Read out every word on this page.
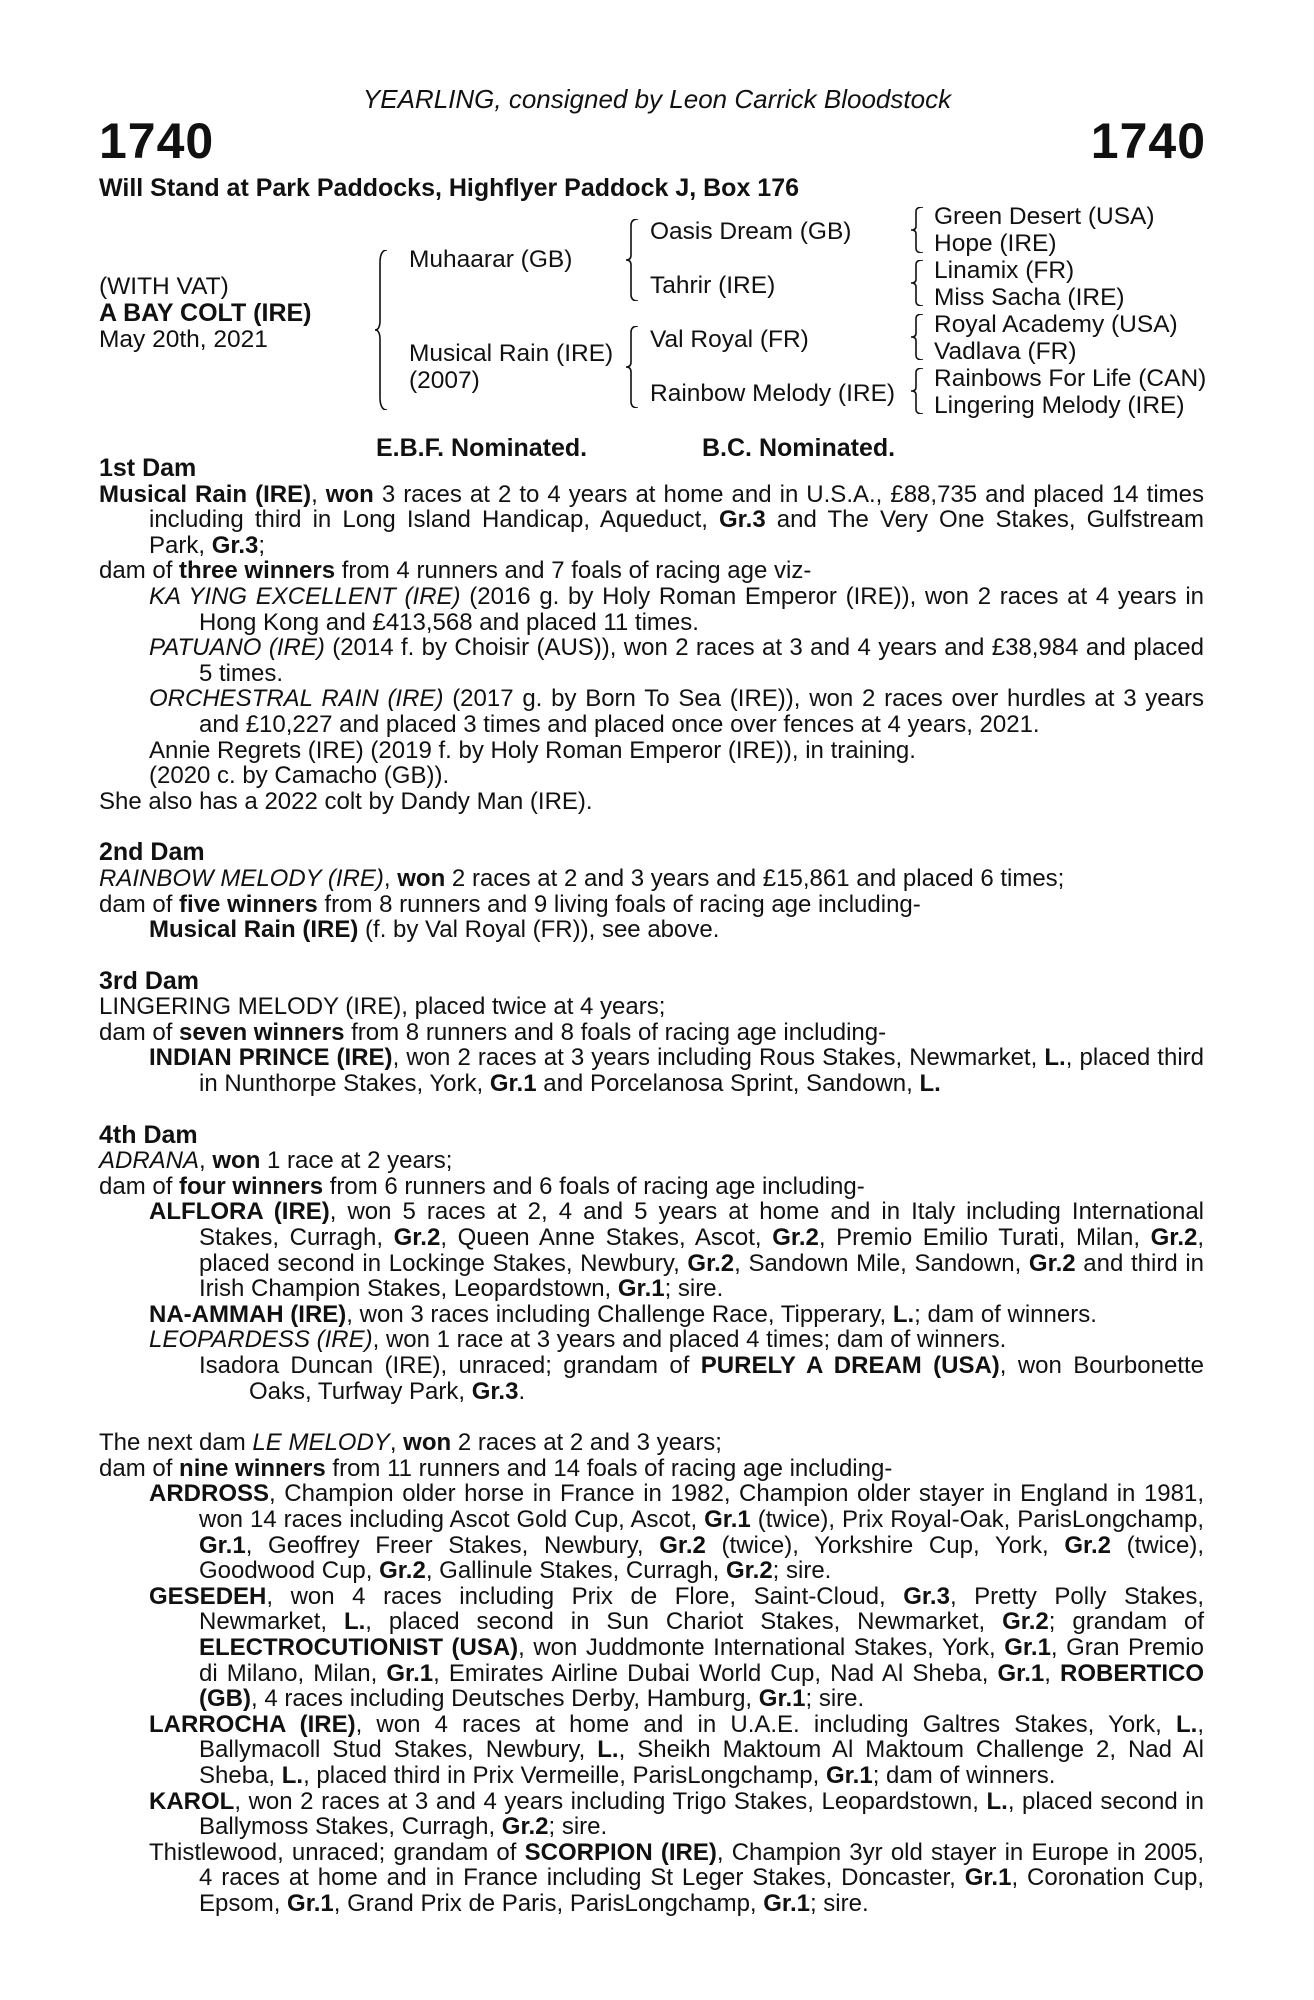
YEARLING, consigned by Leon Carrick Bloodstock
1740	1740
Will Stand at Park Paddocks, Highflyer Paddock J, Box 176
(WITH VAT)
A BAY COLT (IRE)
May 20th, 2021
Muhaarar (GB)
Musical Rain (IRE)
(2007)
Oasis Dream (GB)
Tahrir (IRE)
Val Royal (FR)
Rainbow Melody (IRE)
Green Desert (USA)
Hope (IRE)
Linamix (FR)
Miss Sacha (IRE)
Royal Academy (USA)
Vadlava (FR)
Rainbows For Life (CAN)
Lingering Melody (IRE)
E.B.F. Nominated.	B.C. Nominated.
1st Dam

Musical Rain (IRE), won 3 races at 2 to 4 years at home and in U.S.A., £88,735 and placed 14 times including third in Long Island Handicap, Aqueduct, Gr.3 and The Very One Stakes, Gulfstream Park, Gr.3;

dam of three winners from 4 runners and 7 foals of racing age viz-

KA YING EXCELLENT (IRE) (2016 g. by Holy Roman Emperor (IRE)), won 2 races at 4 years in Hong Kong and £413,568 and placed 11 times.

PATUANO (IRE) (2014 f. by Choisir (AUS)), won 2 races at 3 and 4 years and £38,984 and placed 5 times.

ORCHESTRAL RAIN (IRE) (2017 g. by Born To Sea (IRE)), won 2 races over hurdles at 3 years and £10,227 and placed 3 times and placed once over fences at 4 years, 2021.

Annie Regrets (IRE) (2019 f. by Holy Roman Emperor (IRE)), in training.

(2020 c. by Camacho (GB)).

She also has a 2022 colt by Dandy Man (IRE).

2nd Dam

RAINBOW MELODY (IRE), won 2 races at 2 and 3 years and £15,861 and placed 6 times;

dam of five winners from 8 runners and 9 living foals of racing age including-

Musical Rain (IRE) (f. by Val Royal (FR)), see above.

3rd Dam

LINGERING MELODY (IRE), placed twice at 4 years;

dam of seven winners from 8 runners and 8 foals of racing age including-

INDIAN PRINCE (IRE), won 2 races at 3 years including Rous Stakes, Newmarket, L., placed third in Nunthorpe Stakes, York, Gr.1 and Porcelanosa Sprint, Sandown, L.

4th Dam

ADRANA, won 1 race at 2 years;

dam of four winners from 6 runners and 6 foals of racing age including-

ALFLORA (IRE), won 5 races at 2, 4 and 5 years at home and in Italy including International Stakes, Curragh, Gr.2, Queen Anne Stakes, Ascot, Gr.2, Premio Emilio Turati, Milan, Gr.2, placed second in Lockinge Stakes, Newbury, Gr.2, Sandown Mile, Sandown, Gr.2 and third in Irish Champion Stakes, Leopardstown, Gr.1; sire.

NA-AMMAH (IRE), won 3 races including Challenge Race, Tipperary, L.; dam of winners.

LEOPARDESS (IRE), won 1 race at 3 years and placed 4 times; dam of winners.

Isadora Duncan (IRE), unraced; grandam of PURELY A DREAM (USA), won Bourbonette Oaks, Turfway Park, Gr.3.

The next dam LE MELODY, won 2 races at 2 and 3 years;

dam of nine winners from 11 runners and 14 foals of racing age including-

ARDROSS, Champion older horse in France in 1982, Champion older stayer in England in 1981, won 14 races including Ascot Gold Cup, Ascot, Gr.1 (twice), Prix Royal-Oak, ParisLongchamp, Gr.1, Geoffrey Freer Stakes, Newbury, Gr.2 (twice), Yorkshire Cup, York, Gr.2 (twice), Goodwood Cup, Gr.2, Gallinule Stakes, Curragh, Gr.2; sire.

GESEDEH, won 4 races including Prix de Flore, Saint-Cloud, Gr.3, Pretty Polly Stakes, Newmarket, L., placed second in Sun Chariot Stakes, Newmarket, Gr.2; grandam of ELECTROCUTIONIST (USA), won Juddmonte International Stakes, York, Gr.1, Gran Premio di Milano, Milan, Gr.1, Emirates Airline Dubai World Cup, Nad Al Sheba, Gr.1, ROBERTICO (GB), 4 races including Deutsches Derby, Hamburg, Gr.1; sire.

LARROCHA (IRE), won 4 races at home and in U.A.E. including Galtres Stakes, York, L., Ballymacoll Stud Stakes, Newbury, L., Sheikh Maktoum Al Maktoum Challenge 2, Nad Al Sheba, L., placed third in Prix Vermeille, ParisLongchamp, Gr.1; dam of winners.

KAROL, won 2 races at 3 and 4 years including Trigo Stakes, Leopardstown, L., placed second in Ballymoss Stakes, Curragh, Gr.2; sire.

Thistlewood, unraced; grandam of SCORPION (IRE), Champion 3yr old stayer in Europe in 2005, 4 races at home and in France including St Leger Stakes, Doncaster, Gr.1, Coronation Cup, Epsom, Gr.1, Grand Prix de Paris, ParisLongchamp, Gr.1; sire.
